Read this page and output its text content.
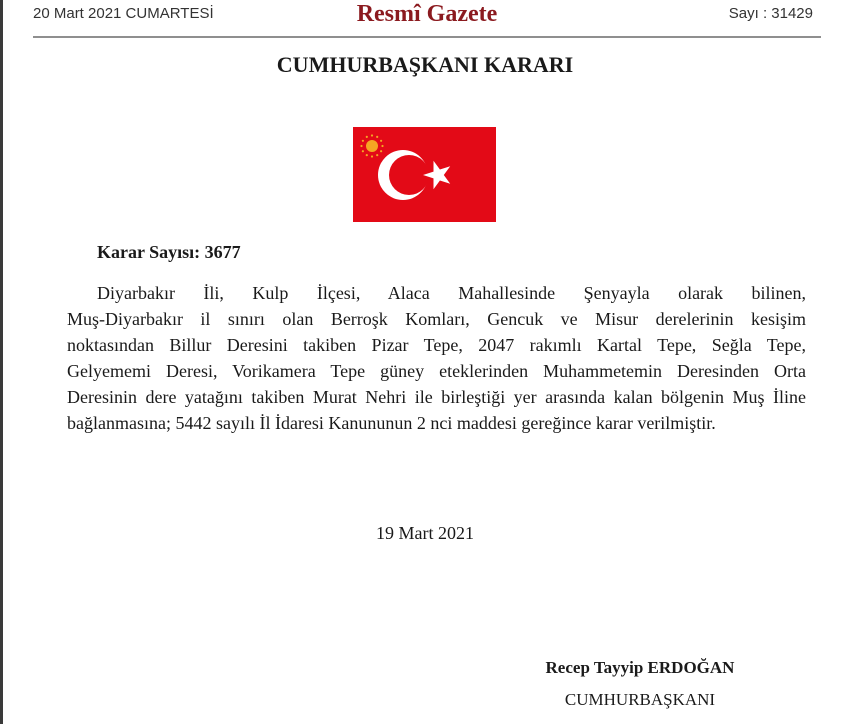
20 Mart 2021 CUMARTESİ	Resmî Gazete	Sayı : 31429
CUMHURBAŞKANI KARARI
Karar Sayısı: 3677
Diyarbakır İli, Kulp İlçesi, Alaca Mahallesinde Şenyayla olarak bilinen,
Muş-Diyarbakır il sınırı olan Berroşk Komları, Gencuk ve Misur derelerinin kesişim
noktasından Billur Deresini takiben Pizar Tepe, 2047 rakımlı Kartal Tepe, Seğla Tepe,
Gelyememi Deresi, Vorikamera Tepe güney eteklerinden Muhammetemin Deresinden Orta
Deresinin dere yatağını takiben Murat Nehri ile birleştiği yer arasında kalan bölgenin Muş İline
bağlanmasına; 5442 sayılı İl İdaresi Kanununun 2 nci maddesi gereğince karar verilmiştir.
19 Mart 2021
Recep Tayyip ERDOĞAN
CUMHURBAŞKANI
